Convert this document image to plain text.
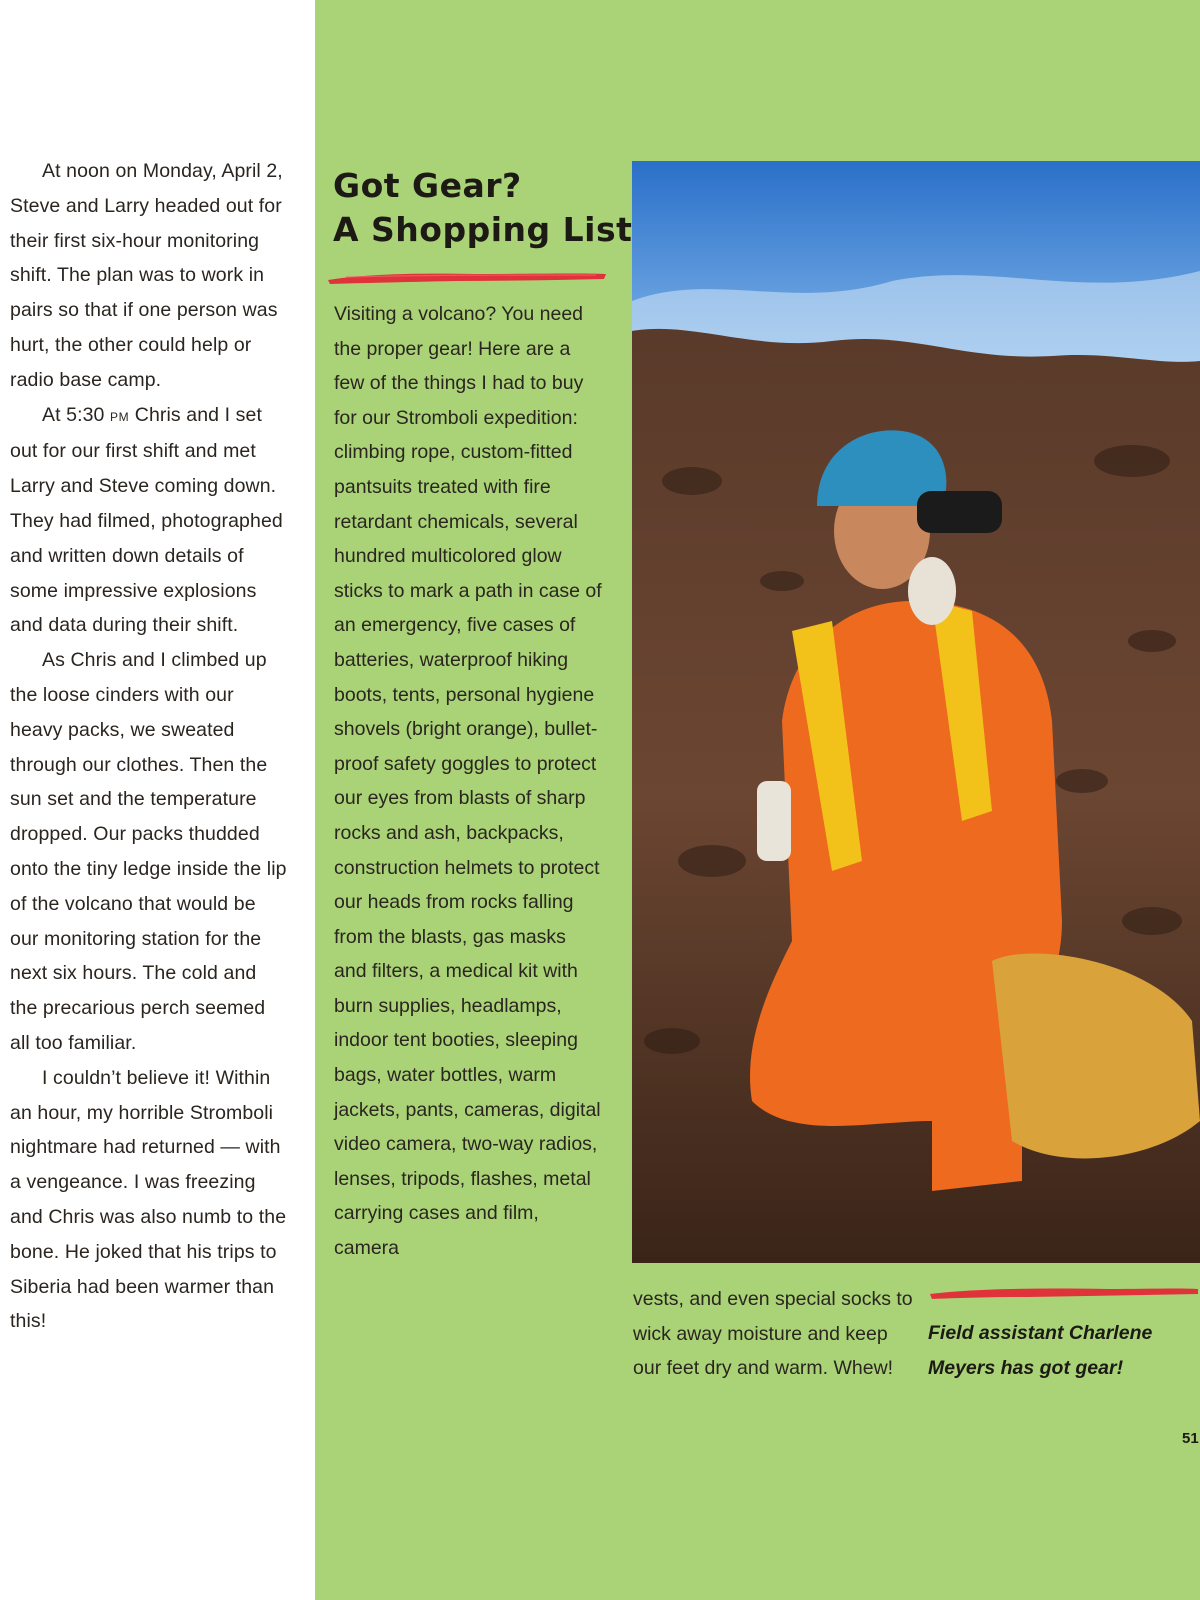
At noon on Monday, April 2, Steve and Larry headed out for their first six-hour monitoring shift. The plan was to work in pairs so that if one person was hurt, the other could help or radio base camp.

At 5:30 PM Chris and I set out for our first shift and met Larry and Steve coming down. They had filmed, photographed and written down details of some impressive explosions and data during their shift.

As Chris and I climbed up the loose cinders with our heavy packs, we sweated through our clothes. Then the sun set and the temperature dropped. Our packs thudded onto the tiny ledge inside the lip of the volcano that would be our monitoring station for the next six hours. The cold and the precarious perch seemed all too familiar.

I couldn’t believe it! Within an hour, my horrible Stromboli nightmare had returned — with a vengeance. I was freezing and Chris was also numb to the bone. He joked that his trips to Siberia had been warmer than this!

Got Gear?
A Shopping List

Visiting a volcano? You need the proper gear! Here are a few of the things I had to buy for our Stromboli expedition: climbing rope, custom-fitted pantsuits treated with fire retardant chemicals, several hundred multicolored glow sticks to mark a path in case of an emergency, five cases of batteries, waterproof hiking boots, tents, personal hygiene shovels (bright orange), bullet-proof safety goggles to protect our eyes from blasts of sharp rocks and ash, backpacks, construction helmets to protect our heads from rocks falling from the blasts, gas masks and filters, a medical kit with burn supplies, headlamps, indoor tent booties, sleeping bags, water bottles, warm jackets, pants, cameras, digital video camera, two-way radios, lenses, tripods, flashes, metal carrying cases and film, camera

vests, and even special socks to wick away moisture and keep our feet dry and warm. Whew!

Field assistant Charlene Meyers has got gear!

51
